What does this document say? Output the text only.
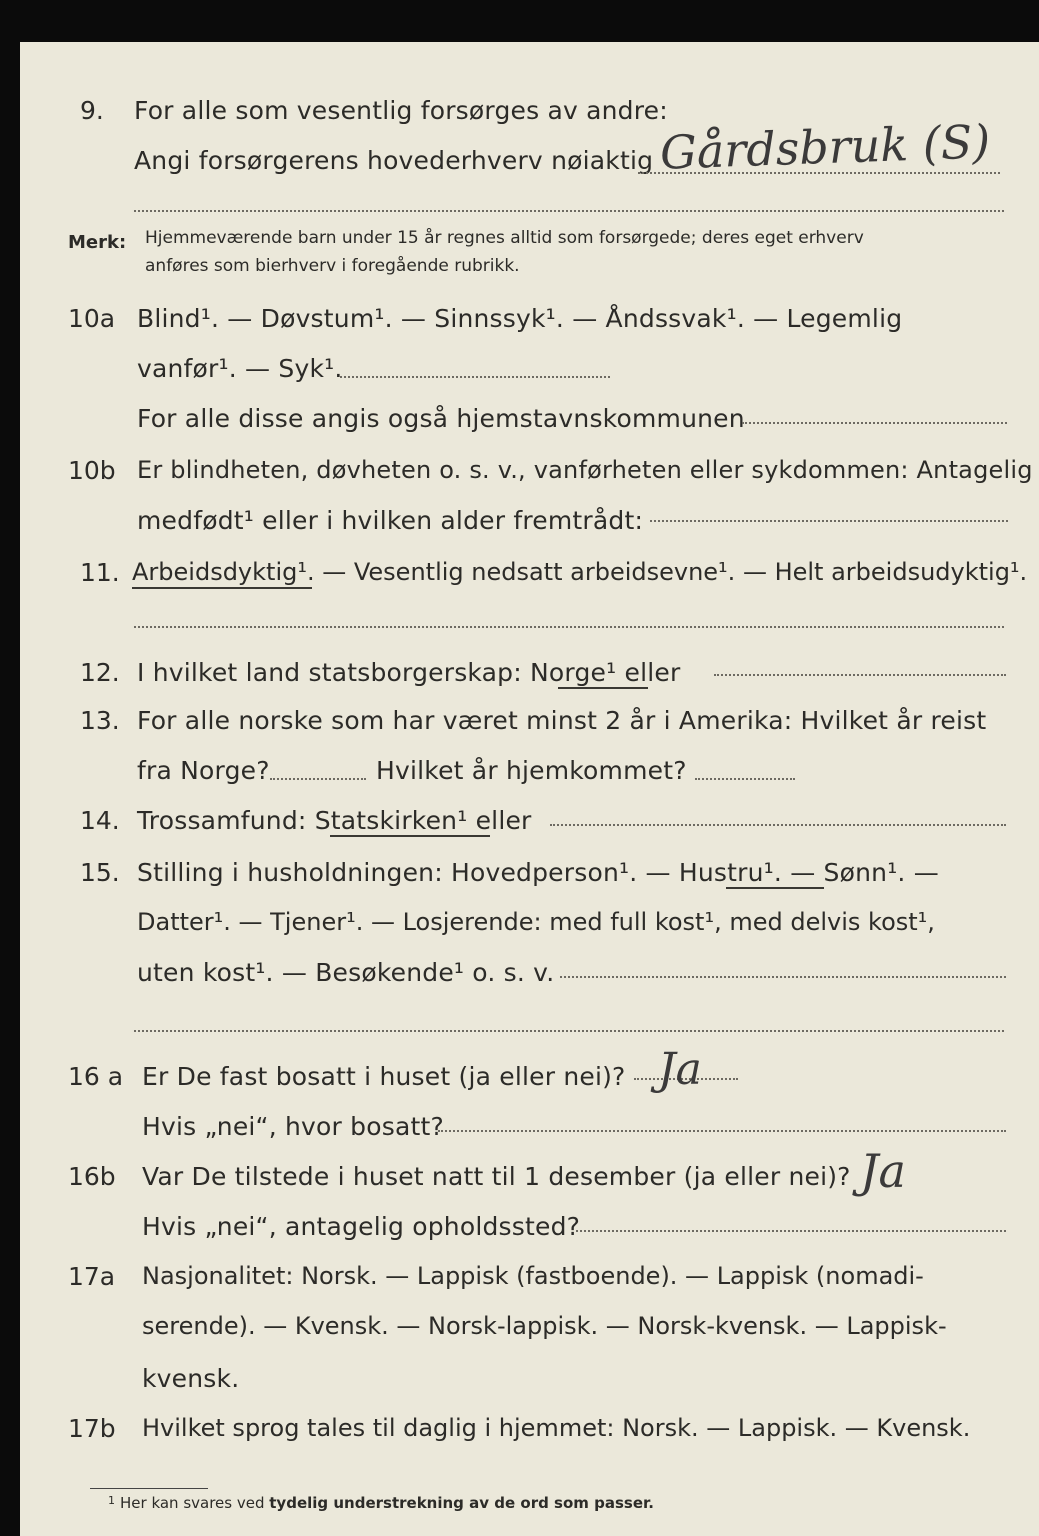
9. For alle som vesentlig forsørges av andre:
Angi forsørgerens hovederhverv nøiaktig Gårdsbruk (S)
Merk: Hjemmeværende barn under 15 år regnes alltid som forsørgede; deres eget erhverv
anføres som bierhverv i foregående rubrikk.
10a Blind¹. — Døvstum¹. — Sinnssyk¹. — Åndssvak¹. — Legemlig
vanfør¹. — Syk¹.
For alle disse angis også hjemstavnskommunen
10b Er blindheten, døvheten o. s. v., vanførheten eller sykdommen: Antagelig
medfødt¹ eller i hvilken alder fremtrådt:
11. Arbeidsdyktig¹. — Vesentlig nedsatt arbeidsevne¹. — Helt arbeidsudyktig¹.
12. I hvilket land statsborgerskap: Norge¹ eller
13. For alle norske som har været minst 2 år i Amerika: Hvilket år reist
fra Norge?	Hvilket år hjemkommet?
14. Trossamfund: Statskirken¹ eller
15. Stilling i husholdningen: Hovedperson¹. — Hustru¹. — Sønn¹. —
Datter¹. — Tjener¹. — Losjerende: med full kost¹, med delvis kost¹,
uten kost¹. — Besøkende¹ o. s. v.
16 a Er De fast bosatt i huset (ja eller nei)? Ja
Hvis „nei“, hvor bosatt?
16b Var De tilstede i huset natt til 1 desember (ja eller nei)? Ja
Hvis „nei“, antagelig opholdssted?
17a Nasjonalitet: Norsk. — Lappisk (fastboende). — Lappisk (nomadi-
serende). — Kvensk. — Norsk-lappisk. — Norsk-kvensk. — Lappisk-
kvensk.
17b Hvilket sprog tales til daglig i hjemmet: Norsk. — Lappisk. — Kvensk.
1 Her kan svares ved tydelig understrekning av de ord som passer.
